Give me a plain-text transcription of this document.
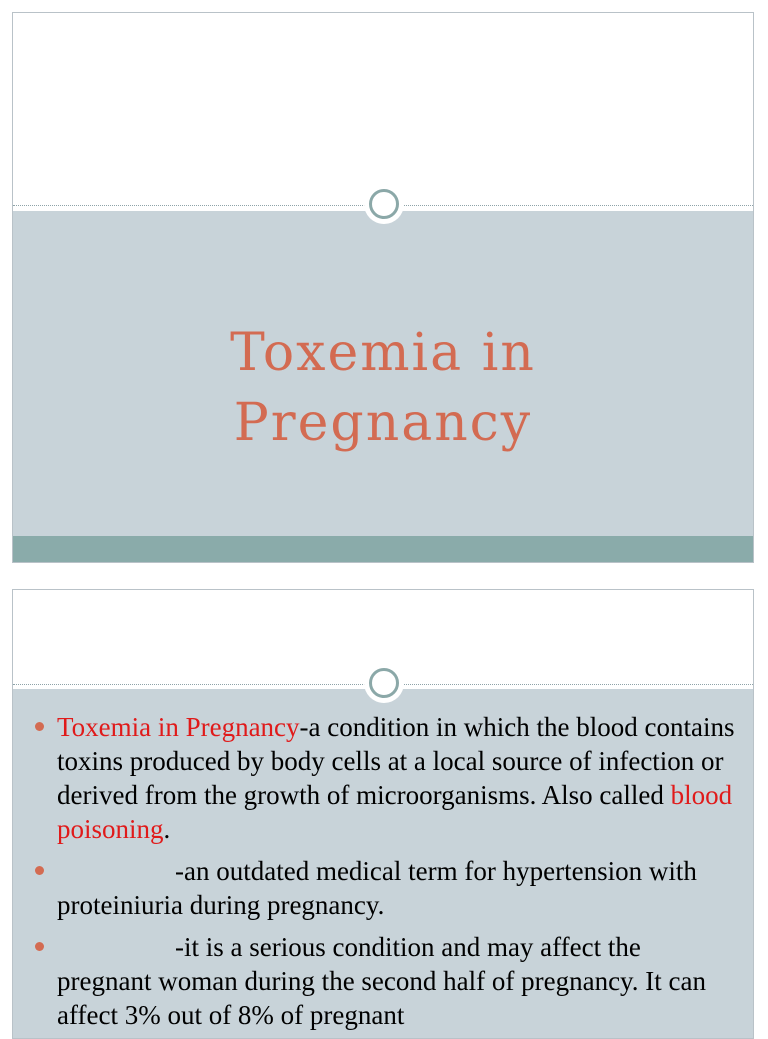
Toxemia in
Pregnancy
Toxemia in Pregnancy-a condition in which the blood contains toxins produced by body cells at a local source of infection or derived from the growth of microorganisms. Also called blood poisoning.
-an outdated medical term for hypertension with proteiniuria during pregnancy.
-it is a serious condition and may affect the pregnant woman during the second half of pregnancy. It can affect 3% out of 8% of pregnant
